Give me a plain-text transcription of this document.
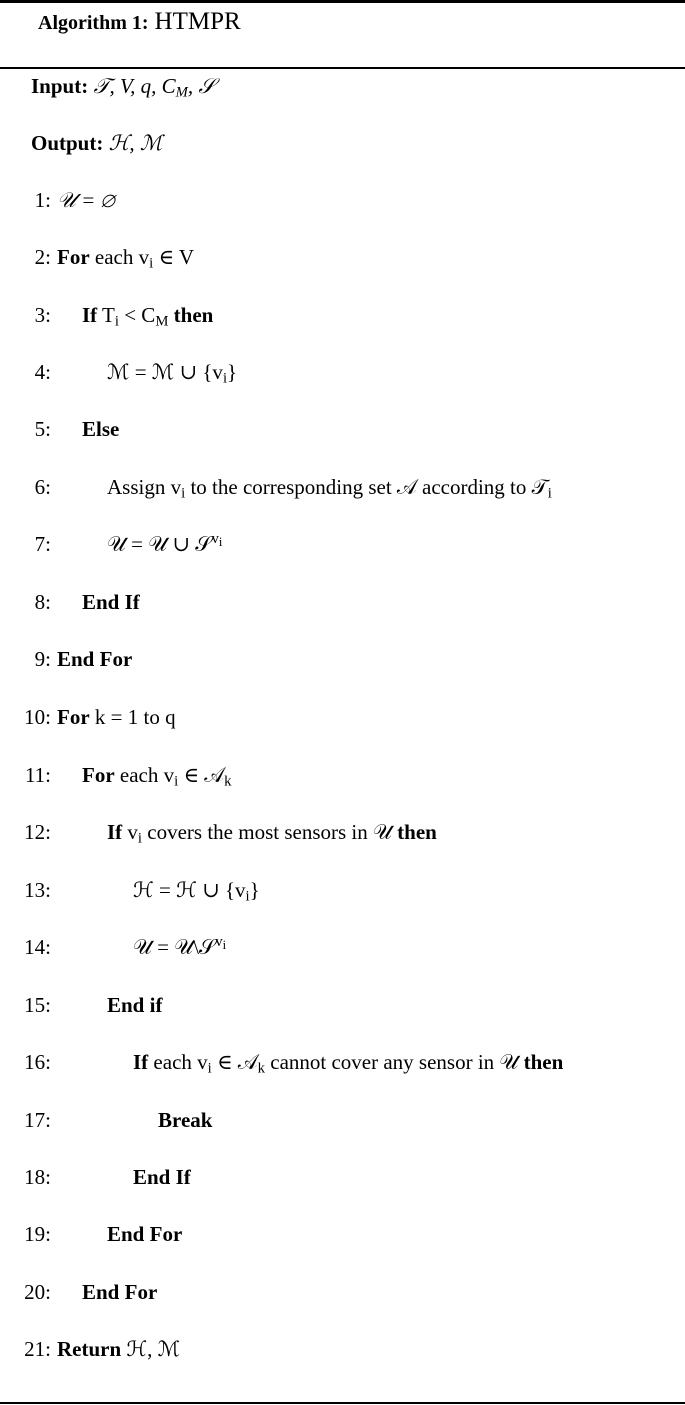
Algorithm 1: HTMPR
Input: 𝒯, V, q, $C_M$, 𝒮
Output: ℋ, ℳ
1: 𝒰 = ∅
2: For each $v_i$ ∈ V
3: If $T_i < C_M$ then
4:	ℳ = ℳ ∪ $\{v_i\}$
5: Else
6:	Assign $v_i$ to the corresponding set 𝒜 according to 𝒯$_i$
7:	𝒰 = 𝒰 ∪ 𝒮$^{v_i}$
8: End If
9: End For
10: For k = 1 to q
11: For each $v_i$ ∈ 𝒜$_k$
12:	If $v_i$ covers the most sensors in 𝒰 then
13:	ℋ = ℋ ∪ $\{v_i\}$
14:	𝒰 = 𝒰\𝒮$^{v_i}$
15:	End if
16:	If each $v_i$ ∈ 𝒜$_k$ cannot cover any sensor in 𝒰 then
17:	Break
18:	End If
19:	End For
20: End For
21: Return ℋ, ℳ
